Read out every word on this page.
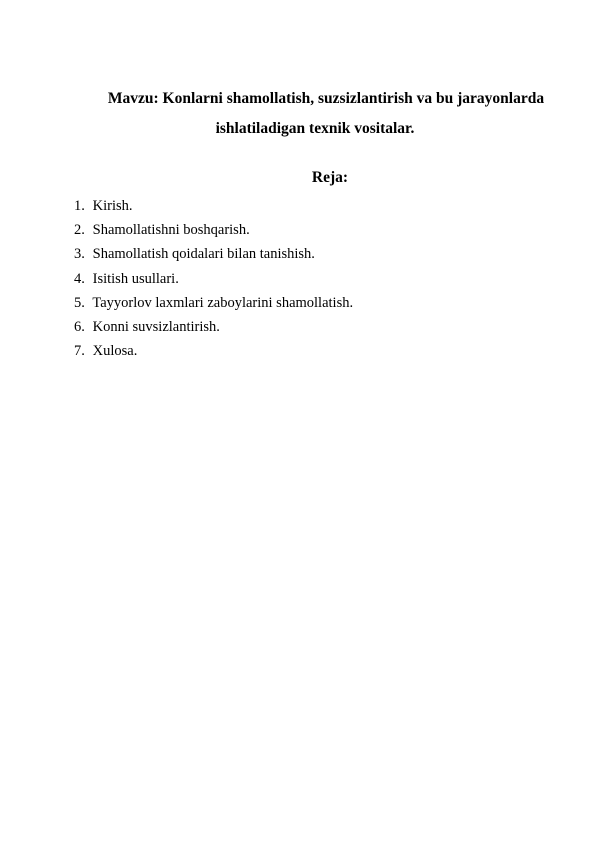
Mavzu: Konlarni shamollatish, suzsizlantirish va bu jarayonlarda
ishlatiladigan texnik vositalar.
Reja:
1. Kirish.
2. Shamollatishni boshqarish.
3. Shamollatish qoidalari bilan tanishish.
4. Isitish usullari.
5. Tayyorlov laxmlari zaboylarini shamollatish.
6. Konni suvsizlantirish.
7. Xulosa.
